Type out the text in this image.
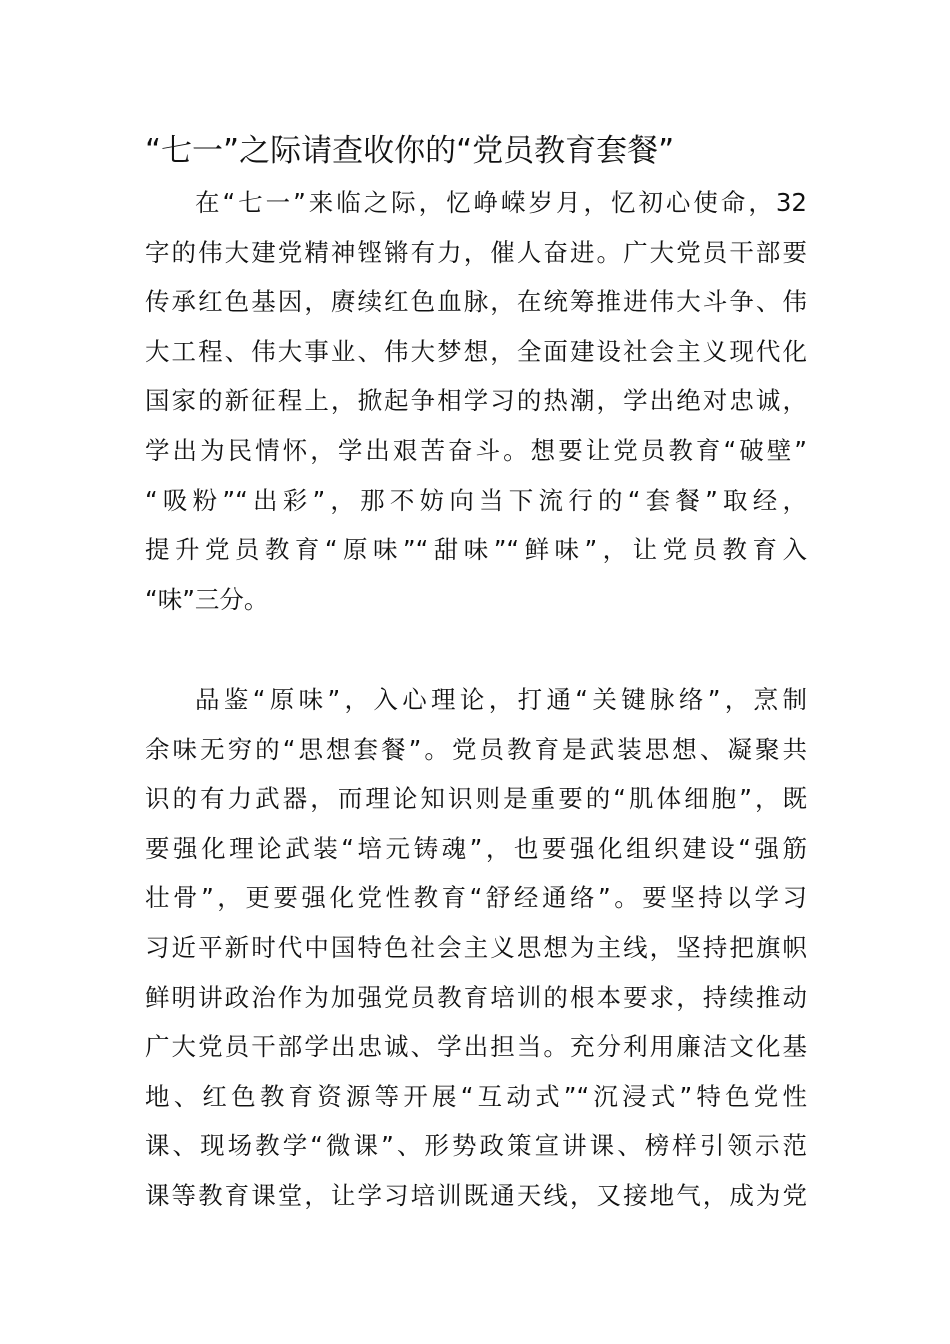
“七一”之际请查收你的“党员教育套餐”
在“七一”来临之际，忆峥嵘岁月，忆初心使命，32
字的伟大建党精神铿锵有力，催人奋进。广大党员干部要
传承红色基因，赓续红色血脉，在统筹推进伟大斗争、伟
大工程、伟大事业、伟大梦想，全面建设社会主义现代化
国家的新征程上，掀起争相学习的热潮，学出绝对忠诚，
学出为民情怀，学出艰苦奋斗。想要让党员教育“破壁”
“吸粉”“出彩”，那不妨向当下流行的“套餐”取经，
提升党员教育“原味”“甜味”“鲜味”，让党员教育入
“味”三分。
品鉴“原味”，入心理论，打通“关键脉络”，烹制
余味无穷的“思想套餐”。党员教育是武装思想、凝聚共
识的有力武器，而理论知识则是重要的“肌体细胞”，既
要强化理论武装“培元铸魂”，也要强化组织建设“强筋
壮骨”，更要强化党性教育“舒经通络”。要坚持以学习
习近平新时代中国特色社会主义思想为主线，坚持把旗帜
鲜明讲政治作为加强党员教育培训的根本要求，持续推动
广大党员干部学出忠诚、学出担当。充分利用廉洁文化基
地、红色教育资源等开展“互动式”“沉浸式”特色党性
课、现场教学“微课”、形势政策宣讲课、榜样引领示范
课等教育课堂，让学习培训既通天线，又接地气，成为党
